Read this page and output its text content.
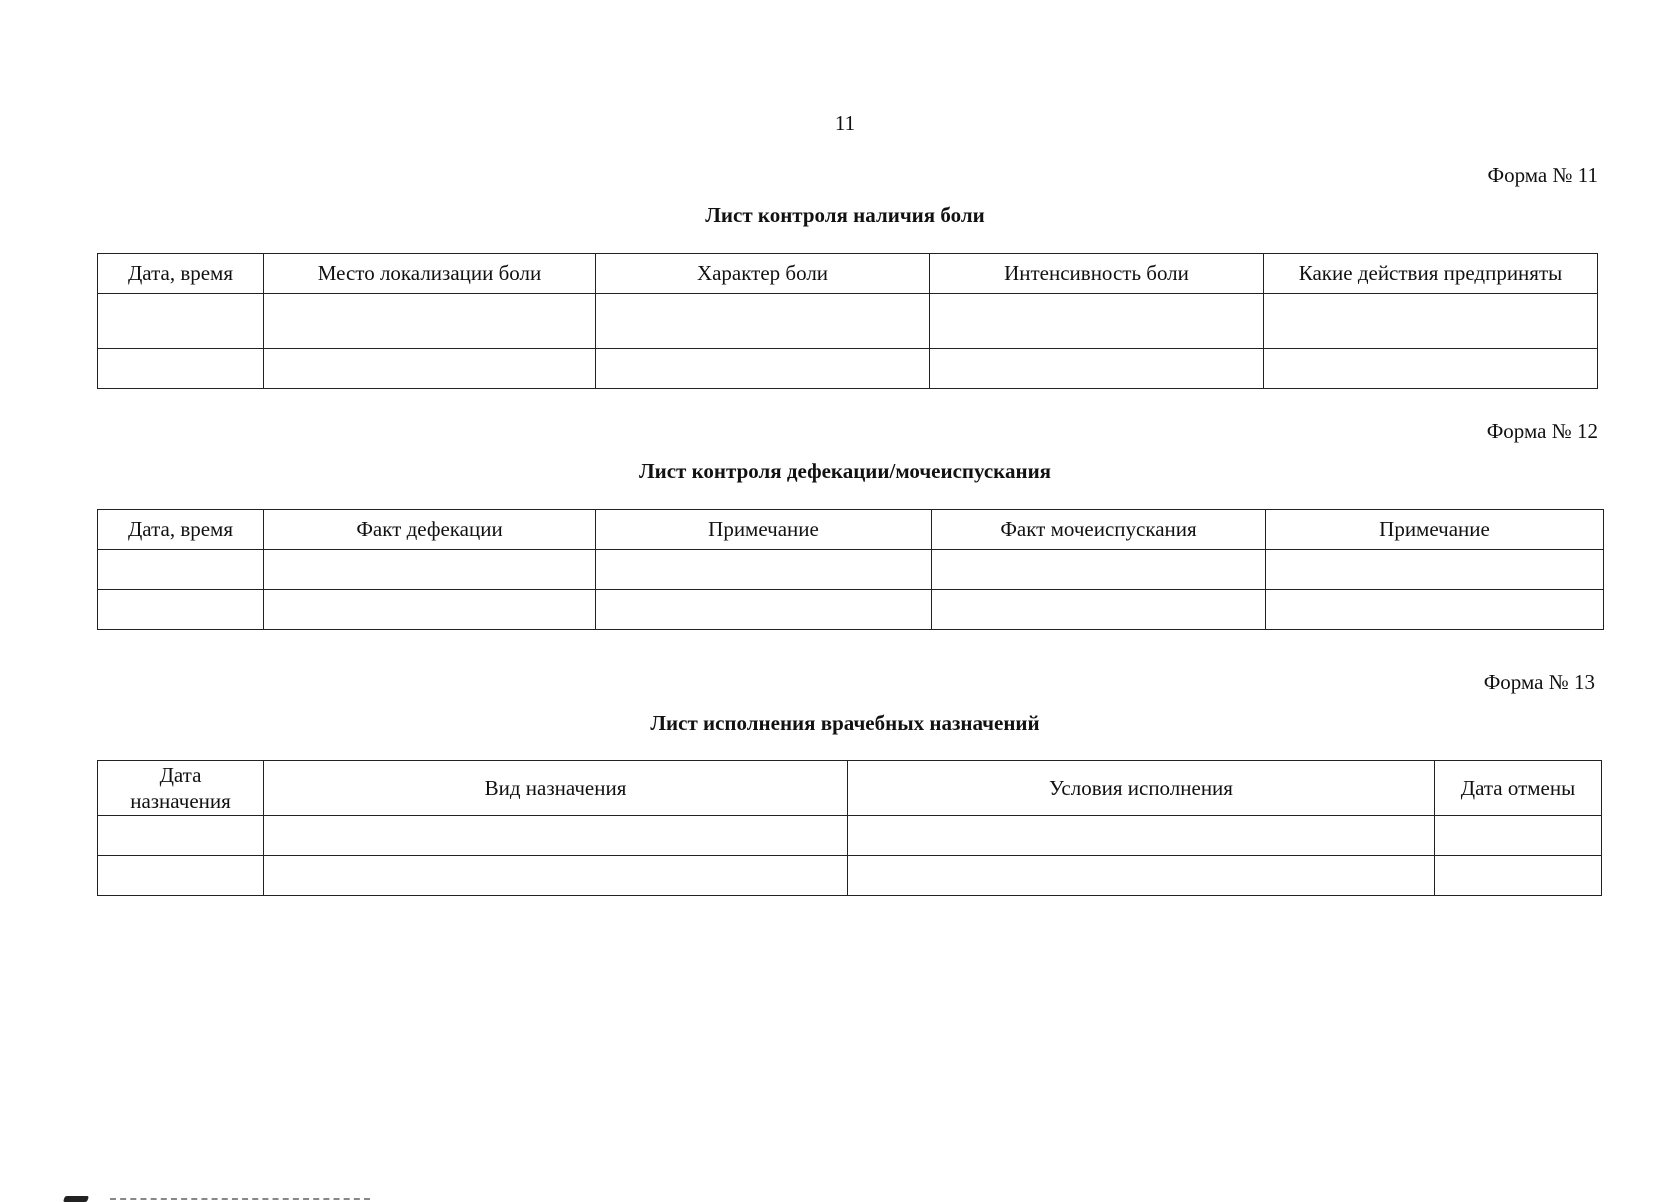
11
Форма № 11
Лист контроля наличия боли
Дата, время	Место локализации боли	Характер боли	Интенсивность боли	Какие действия предприняты

Форма № 12
Лист контроля дефекации/мочеиспускания
Дата, время	Факт дефекации	Примечание	Факт мочеиспускания	Примечание

Форма № 13
Лист исполнения врачебных назначений
Дата назначения	Вид назначения	Условия исполнения	Дата отмены
